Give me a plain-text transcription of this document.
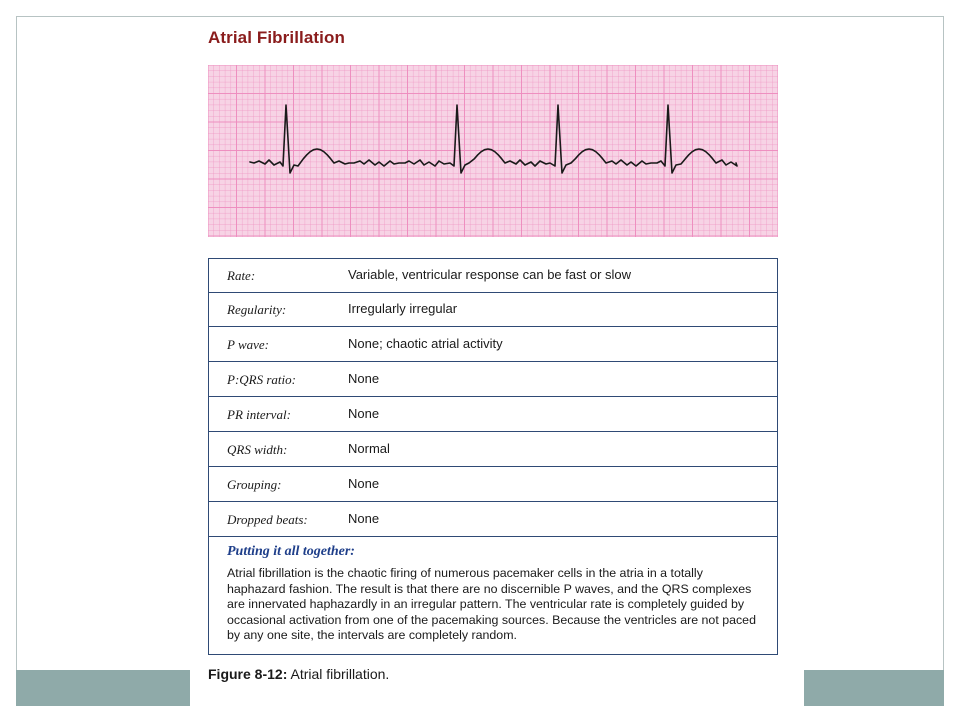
Atrial Fibrillation
Rate:	Variable, ventricular response can be fast or slow
Regularity:	Irregularly irregular
P wave:	None; chaotic atrial activity
P:QRS ratio:	None
PR interval:	None
QRS width:	Normal
Grouping:	None
Dropped beats:	None
Putting it all together:

Atrial fibrillation is the chaotic firing of numerous pacemaker cells in the atria in a totally haphazard fashion. The result is that there are no discernible P waves, and the QRS complexes are innervated haphazardly in an irregular pattern. The ventricular rate is completely guided by occasional activation from one of the pacemaking sources. Because the ventricles are not paced by any one site, the intervals are completely random.

Figure 8-12: Atrial fibrillation.
